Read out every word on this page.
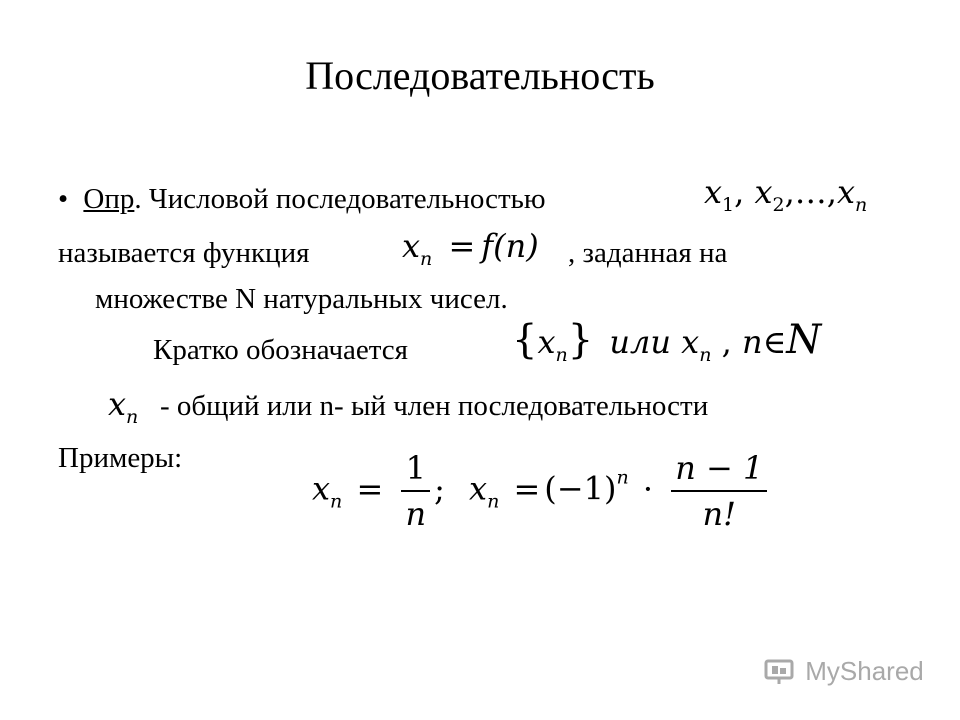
Последовательность
• Опр. Числовой последовательностью	$x_1$, $x_2,\dots,x_n$
называется функция	$x_n = f(n)$ , заданная на
множестве N натуральных чисел.
Кратко обозначается	$\{x_n\}$ или $x_n$ , n∈N
$x_n$ - общий или n- ый член последовательности
Примеры:
$x_n = \frac{1}{n}$ ; $x_n = (-1)^n \cdot \frac{n - 1}{n!}$
MyShared
